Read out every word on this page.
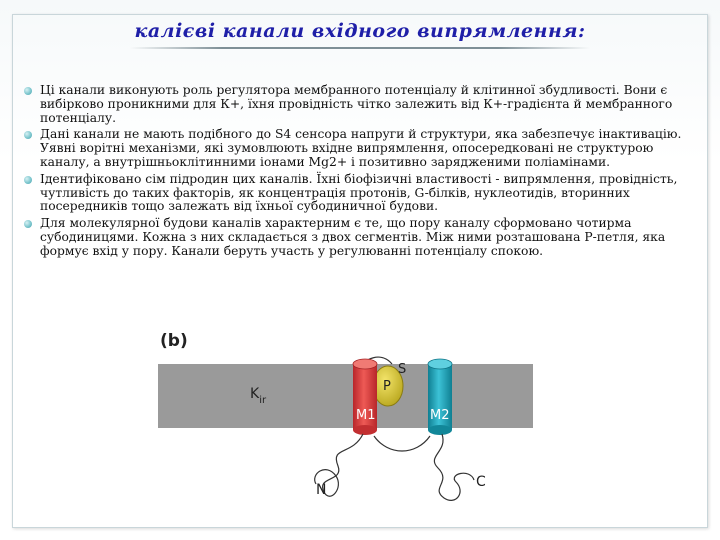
калієві канали вхідного випрямлення:
Ці канали виконують роль регулятора мембранного потенціалу й клітинної збудливості. Вони є вибірково проникними для К+, їхня провідність чітко залежить від К+-градієнта й мембранного потенціалу.
Дані канали не мають подібного до S4 сенсора напруги й структури, яка забезпечує інактивацію. Уявні ворітні механізми, які зумовлюють вхідне випрямлення, опосередковані не структурою каналу, а внутрішньоклітинними іонами Mg2+ і позитивно зарядженими поліамінами.
Ідентифіковано сім підродин цих каналів. Їхні біофізичні властивості - випрямлення, провідність, чутливість до таких факторів, як концентрація протонів, G-білків, нуклеотидів, вторинних посередників тощо залежать від їхньої субодиничної будови.
Для молекулярної будови каналів характерним є те, що пору каналу сформовано чотирма субодиницями. Кожна з них складається з двох сегментів. Між ними розташована Р-петля, яка формує вхід у пору. Канали беруть участь у регулюванні потенціалу спокою.
(b)
$K_{ir}$
P
S
M1	M2
N	C
